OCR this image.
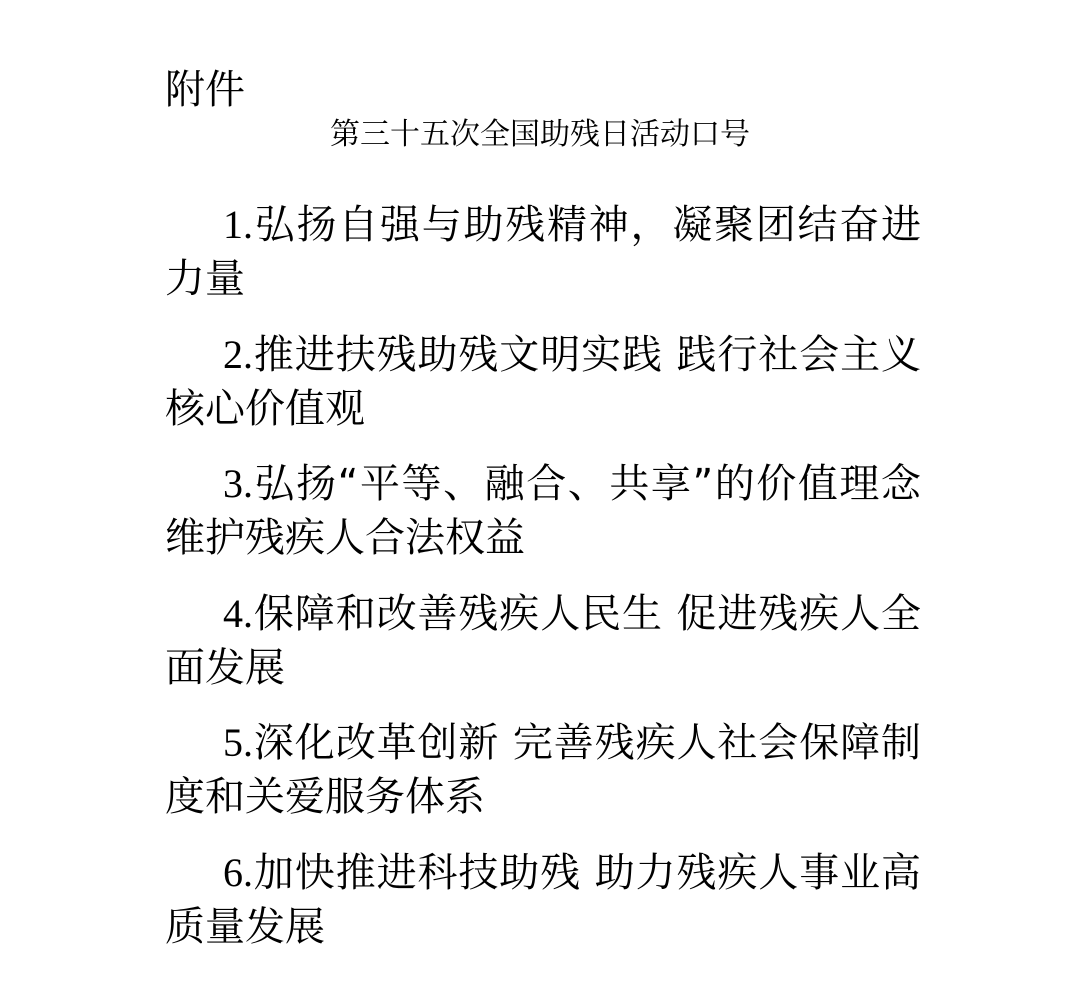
附件
第三十五次全国助残日活动口号
1.弘扬自强与助残精神，凝聚团结奋进力量
2.推进扶残助残文明实践 践行社会主义核心价值观
3.弘扬“平等、融合、共享”的价值理念 维护残疾人合法权益
4.保障和改善残疾人民生 促进残疾人全面发展
5.深化改革创新 完善残疾人社会保障制度和关爱服务体系
6.加快推进科技助残 助力残疾人事业高质量发展
